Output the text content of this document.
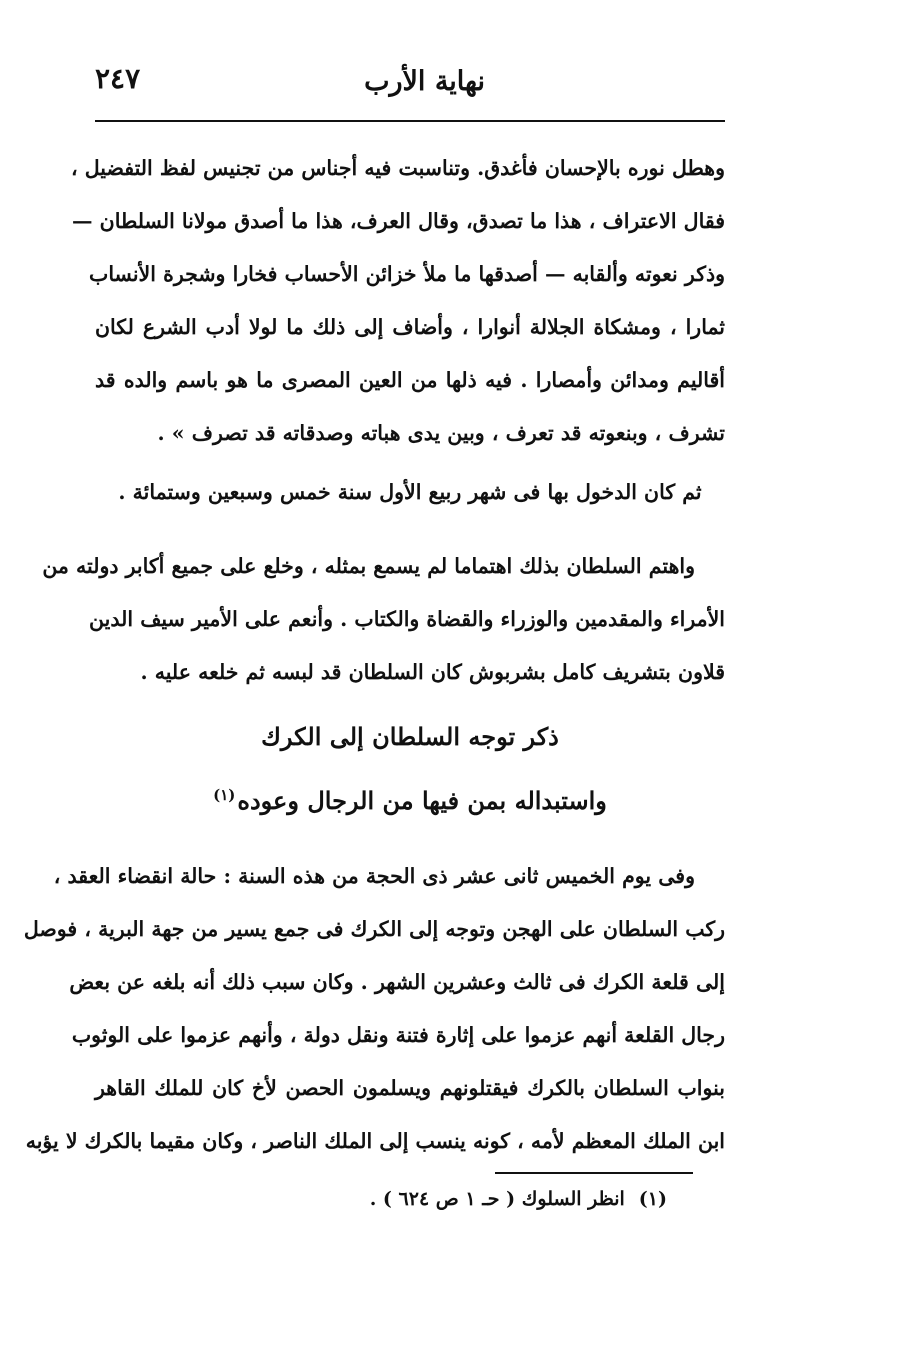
نهاية الأرب
٢٤٧
وهطل نوره بالإحسان فأغدق. وتناسبت فيه أجناس من تجنيس لفظ التفضيل ،
فقال الاعتراف ، هذا ما تصدق، وقال العرف، هذا ما أصدق مولانا السلطان —
وذكر نعوته وألقابه — أصدقها ما ملأ خزائن الأحساب فخارا وشجرة الأنساب
ثمارا ، ومشكاة الجلالة أنوارا ، وأضاف إلى ذلك ما لولا أدب الشرع لكان
أقاليم ومدائن وأمصارا . فيه ذلها من العين المصرى ما هو باسم والده قد
تشرف ، وبنعوته قد تعرف ، وبين يدى هباته وصدقاته قد تصرف » .
ثم كان الدخول بها فى شهر ربيع الأول سنة خمس وسبعين وستمائة .
واهتم السلطان بذلك اهتماما لم يسمع بمثله ، وخلع على جميع أكابر دولته من
الأمراء والمقدمين والوزراء والقضاة والكتاب . وأنعم على الأمير سيف الدين
قلاون بتشريف كامل بشربوش كان السلطان قد لبسه ثم خلعه عليه .
ذكر توجه السلطان إلى الكرك
واستبداله بمن فيها من الرجال وعوده$^{(١)}$
وفى يوم الخميس ثانى عشر ذى الحجة من هذه السنة : حالة انقضاء العقد ،
ركب السلطان على الهجن وتوجه إلى الكرك فى جمع يسير من جهة البرية ، فوصل
إلى قلعة الكرك فى ثالث وعشرين الشهر . وكان سبب ذلك أنه بلغه عن بعض
رجال القلعة أنهم عزموا على إثارة فتنة ونقل دولة ، وأنهم عزموا على الوثوب
بنواب السلطان بالكرك فيقتلونهم ويسلمون الحصن لأخ كان للملك القاهر
ابن الملك المعظم لأمه ، كونه ينسب إلى الملك الناصر ، وكان مقيما بالكرك لا يؤبه
(١)انظر السلوك ( حـ ١ ص ٦٢٤ ) .
